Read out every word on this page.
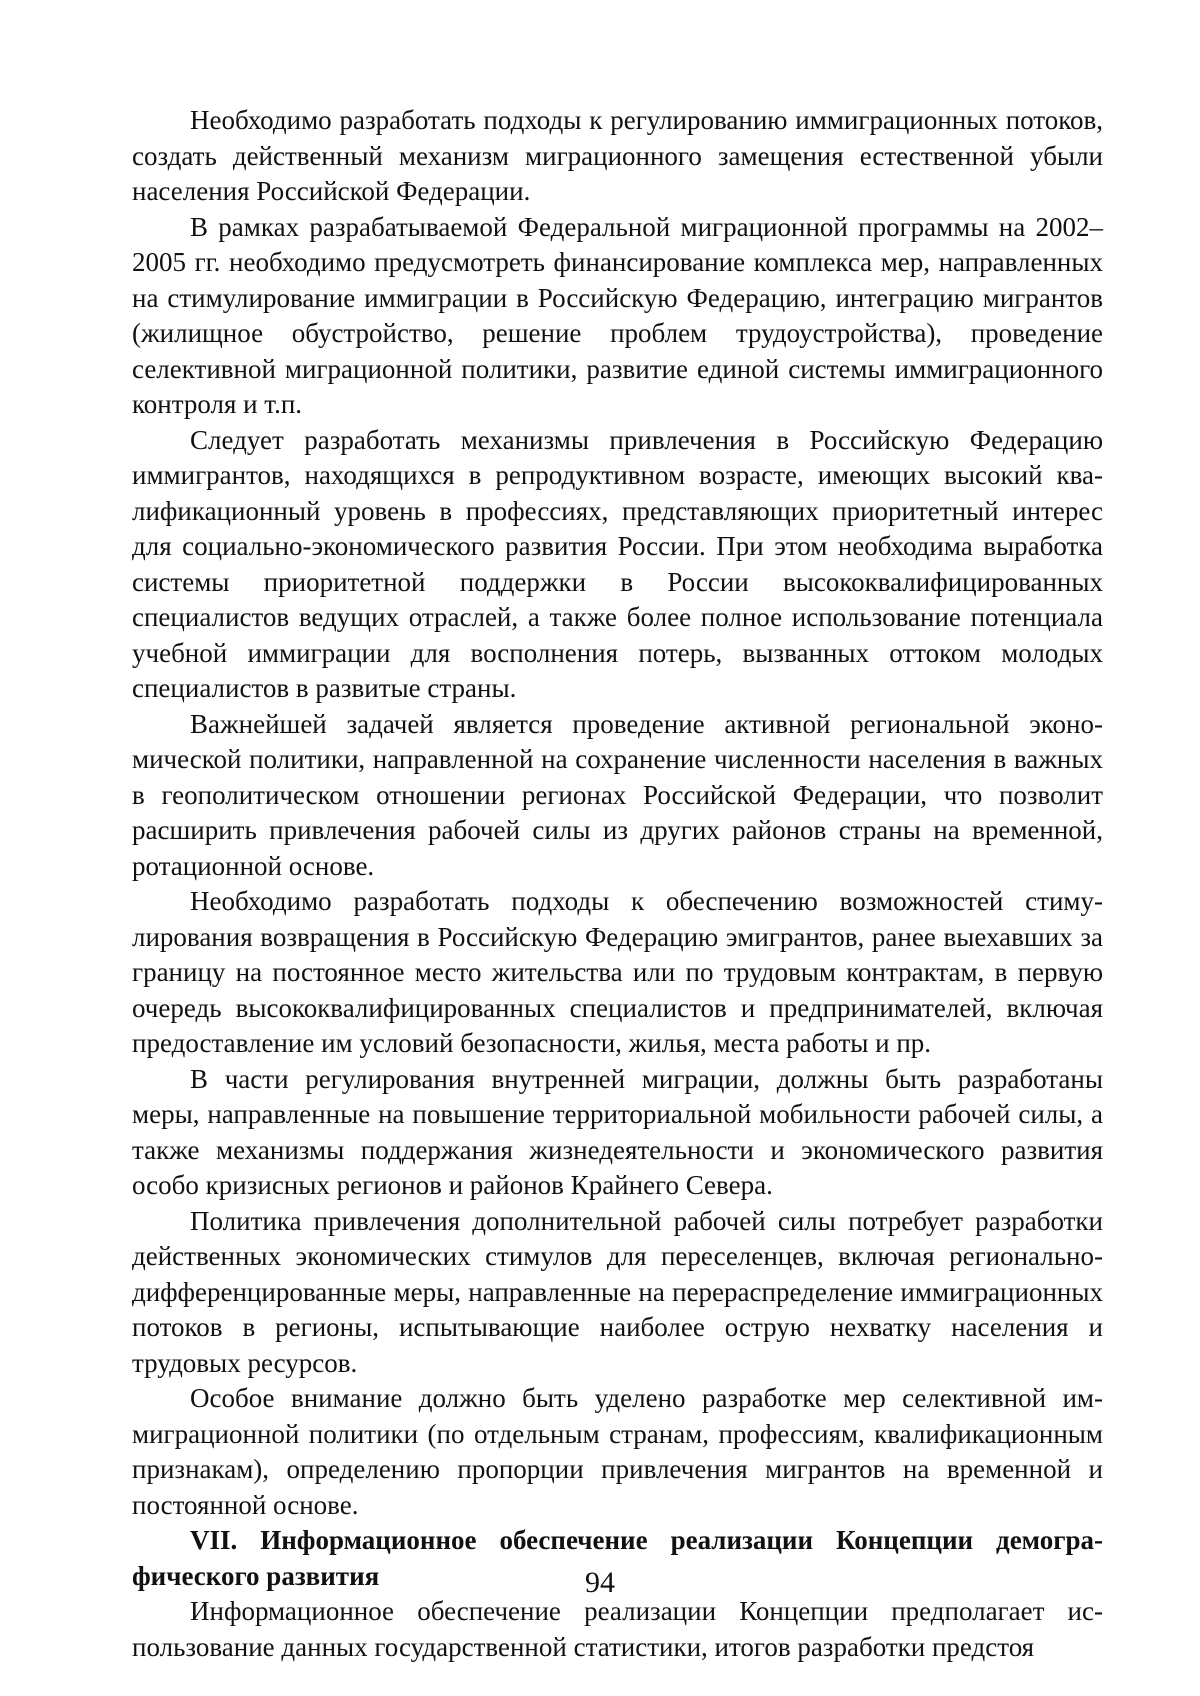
Необходимо разработать подходы к регулированию иммиграционных потоков, создать действенный механизм миграционного замещения естественной убыли населения Российской Федерации.

В рамках разрабатываемой Федеральной миграционной программы на 2002–2005 гг. необходимо предусмотреть финансирование комплекса мер, направленных на стимулирование иммиграции в Российскую Федерацию, интеграцию мигрантов (жилищное обустройство, решение проблем трудоустройства), проведение селективной миграционной политики, развитие единой системы иммиграционного контроля и т.п.

Следует разработать механизмы привлечения в Российскую Федерацию иммигрантов, находящихся в репродуктивном возрасте, имеющих высокий квалификационный уровень в профессиях, представляющих приоритетный интерес для социально-экономического развития России. При этом необходима выработка системы приоритетной поддержки в России высококвалифицированных специалистов ведущих отраслей, а также более полное использование потенциала учебной иммиграции для восполнения потерь, вызванных оттоком молодых специалистов в развитые страны.

Важнейшей задачей является проведение активной региональной экономической политики, направленной на сохранение численности населения в важных в геополитическом отношении регионах Российской Федерации, что позволит расширить привлечения рабочей силы из других районов страны на временной, ротационной основе.

Необходимо разработать подходы к обеспечению возможностей стимулирования возвращения в Российскую Федерацию эмигрантов, ранее выехавших за границу на постоянное место жительства или по трудовым контрактам, в первую очередь высококвалифицированных специалистов и предпринимателей, включая предоставление им условий безопасности, жилья, места работы и пр.

В части регулирования внутренней миграции, должны быть разработаны меры, направленные на повышение территориальной мобильности рабочей силы, а также механизмы поддержания жизнедеятельности и экономического развития особо кризисных регионов и районов Крайнего Севера.

Политика привлечения дополнительной рабочей силы потребует разработки действенных экономических стимулов для переселенцев, включая регионально-дифференцированные меры, направленные на перераспределение иммиграционных потоков в регионы, испытывающие наиболее острую нехватку населения и трудовых ресурсов.

Особое внимание должно быть уделено разработке мер селективной иммиграционной политики (по отдельным странам, профессиям, квалификационным признакам), определению пропорции привлечения мигрантов на временной и постоянной основе.

VII. Информационное обеспечение реализации Концепции демографического развития

Информационное обеспечение реализации Концепции предполагает использование данных государственной статистики, итогов разработки предстоя

94
